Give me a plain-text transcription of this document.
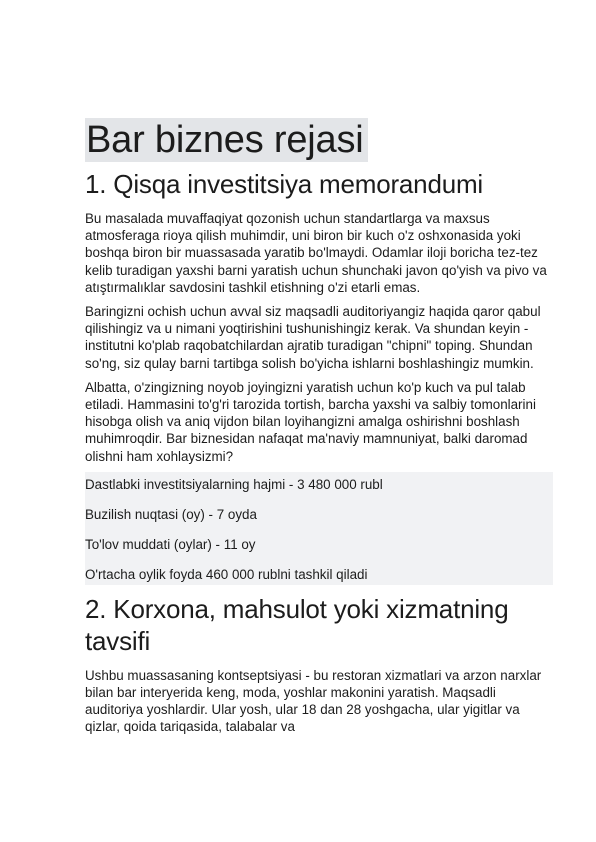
Bar biznes rejasi
1. Qisqa investitsiya memorandumi

Bu masalada muvaffaqiyat qozonish uchun standartlarga va maxsus atmosferaga rioya qilish muhimdir, uni biron bir kuch o'z oshxonasida yoki boshqa biron bir muassasada yaratib bo'lmaydi. Odamlar iloji boricha tez-tez kelib turadigan yaxshi barni yaratish uchun shunchaki javon qo'yish va pivo va atıştırmalıklar savdosini tashkil etishning o'zi etarli emas.

Baringizni ochish uchun avval siz maqsadli auditoriyangiz haqida qaror qabul qilishingiz va u nimani yoqtirishini tushunishingiz kerak. Va shundan keyin - institutni ko'plab raqobatchilardan ajratib turadigan "chipni" toping. Shundan so'ng, siz qulay barni tartibga solish bo'yicha ishlarni boshlashingiz mumkin.

Albatta, o'zingizning noyob joyingizni yaratish uchun ko'p kuch va pul talab etiladi. Hammasini to'g'ri tarozida tortish, barcha yaxshi va salbiy tomonlarini hisobga olish va aniq vijdon bilan loyihangizni amalga oshirishni boshlash muhimroqdir. Bar biznesidan nafaqat ma'naviy mamnuniyat, balki daromad olishni ham xohlaysizmi?

Dastlabki investitsiyalarning hajmi - 3 480 000 rubl
Buzilish nuqtasi (oy) - 7 oyda
To'lov muddati (oylar) - 11 oy
O'rtacha oylik foyda 460 000 rublni tashkil qiladi
2. Korxona, mahsulot yoki xizmatning tavsifi

Ushbu muassasaning kontseptsiyasi - bu restoran xizmatlari va arzon narxlar bilan bar interyerida keng, moda, yoshlar makonini yaratish. Maqsadli auditoriya yoshlardir. Ular yosh, ular 18 dan 28 yoshgacha, ular yigitlar va qizlar, qoida tariqasida, talabalar va
